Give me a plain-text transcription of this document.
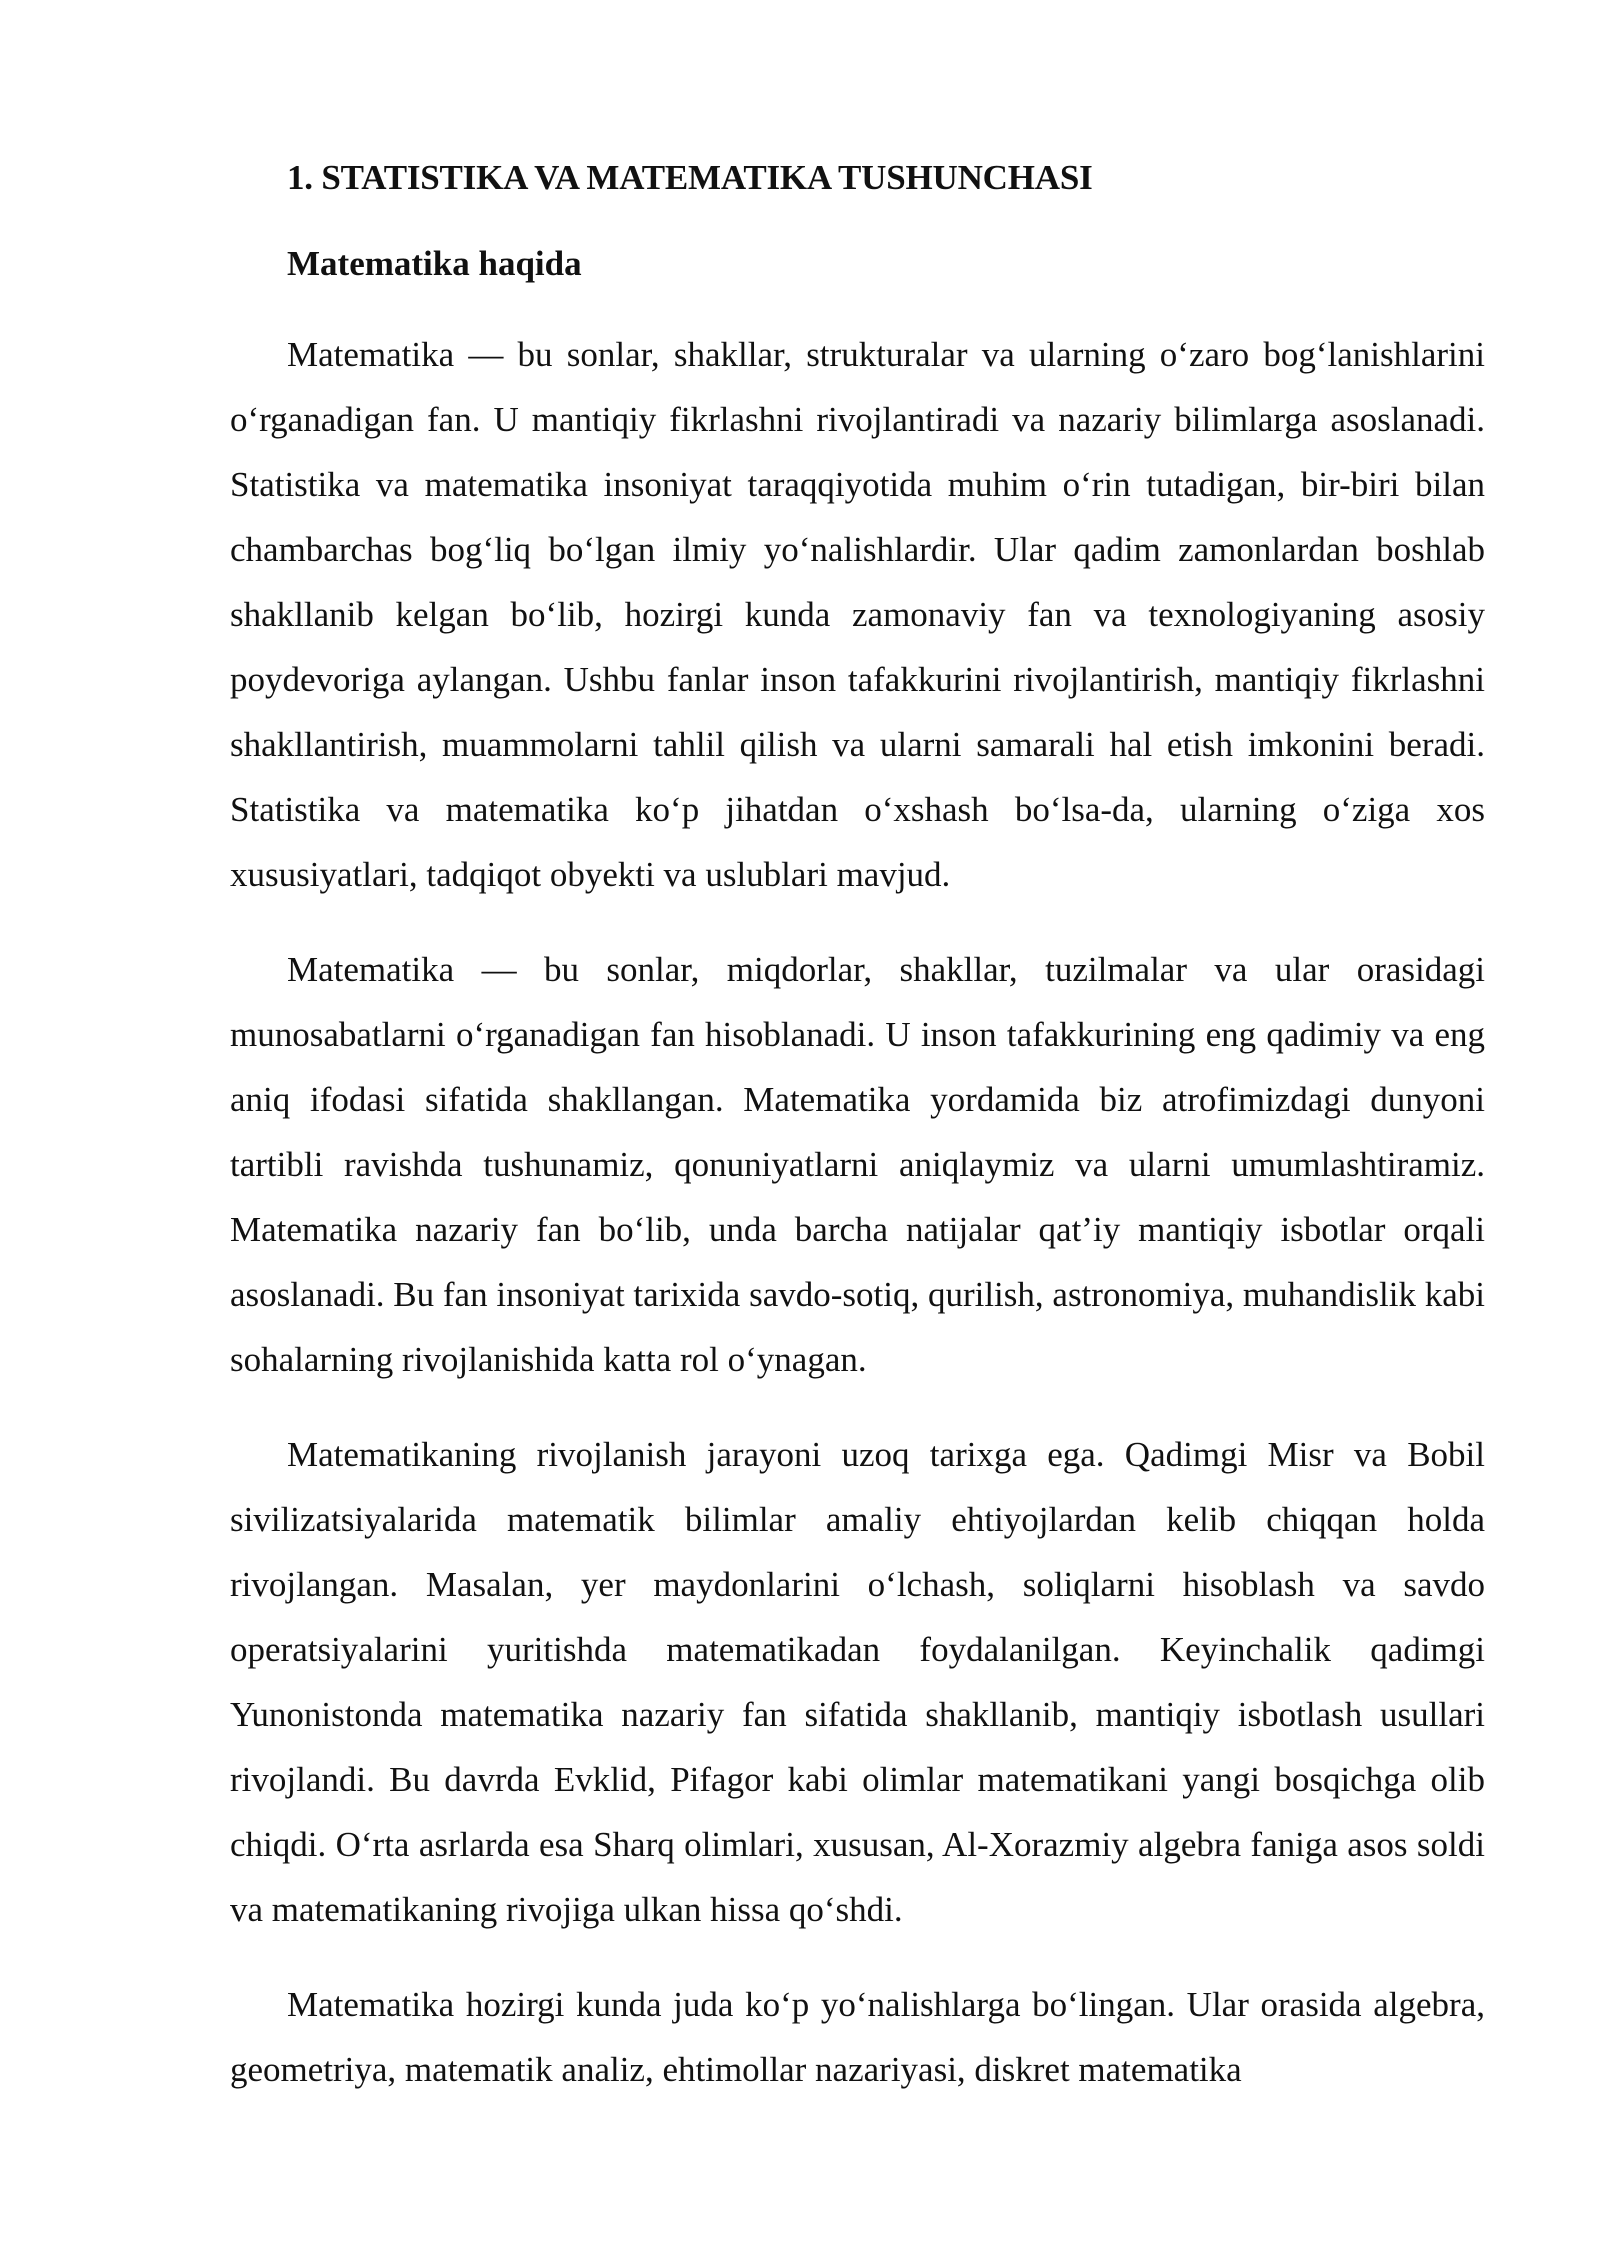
1. STATISTIKA VA MATEMATIKA TUSHUNCHASI
Matematika haqida

Matematika — bu sonlar, shakllar, strukturalar va ularning o‘zaro bog‘lanishlarini o‘rganadigan fan. U mantiqiy fikrlashni rivojlantiradi va nazariy bilimlarga asoslanadi. Statistika va matematika insoniyat taraqqiyotida muhim o‘rin tutadigan, bir-biri bilan chambarchas bog‘liq bo‘lgan ilmiy yo‘nalishlardir. Ular qadim zamonlardan boshlab shakllanib kelgan bo‘lib, hozirgi kunda zamonaviy fan va texnologiyaning asosiy poydevoriga aylangan. Ushbu fanlar inson tafakkurini rivojlantirish, mantiqiy fikrlashni shakllantirish, muammolarni tahlil qilish va ularni samarali hal etish imkonini beradi. Statistika va matematika ko‘p jihatdan o‘xshash bo‘lsa-da, ularning o‘ziga xos xususiyatlari, tadqiqot obyekti va uslublari mavjud.

Matematika — bu sonlar, miqdorlar, shakllar, tuzilmalar va ular orasidagi munosabatlarni o‘rganadigan fan hisoblanadi. U inson tafakkurining eng qadimiy va eng aniq ifodasi sifatida shakllangan. Matematika yordamida biz atrofimizdagi dunyoni tartibli ravishda tushunamiz, qonuniyatlarni aniqlaymiz va ularni umumlashtiramiz. Matematika nazariy fan bo‘lib, unda barcha natijalar qat’iy mantiqiy isbotlar orqali asoslanadi. Bu fan insoniyat tarixida savdo-sotiq, qurilish, astronomiya, muhandislik kabi sohalarning rivojlanishida katta rol o‘ynagan.

Matematikaning rivojlanish jarayoni uzoq tarixga ega. Qadimgi Misr va Bobil sivilizatsiyalarida matematik bilimlar amaliy ehtiyojlardan kelib chiqqan holda rivojlangan. Masalan, yer maydonlarini o‘lchash, soliqlarni hisoblash va savdo operatsiyalarini yuritishda matematikadan foydalanilgan. Keyinchalik qadimgi Yunonistonda matematika nazariy fan sifatida shakllanib, mantiqiy isbotlash usullari rivojlandi. Bu davrda Evklid, Pifagor kabi olimlar matematikani yangi bosqichga olib chiqdi. O‘rta asrlarda esa Sharq olimlari, xususan, Al-Xorazmiy algebra faniga asos soldi va matematikaning rivojiga ulkan hissa qo‘shdi.

Matematika hozirgi kunda juda ko‘p yo‘nalishlarga bo‘lingan. Ular orasida algebra, geometriya, matematik analiz, ehtimollar nazariyasi, diskret matematika
